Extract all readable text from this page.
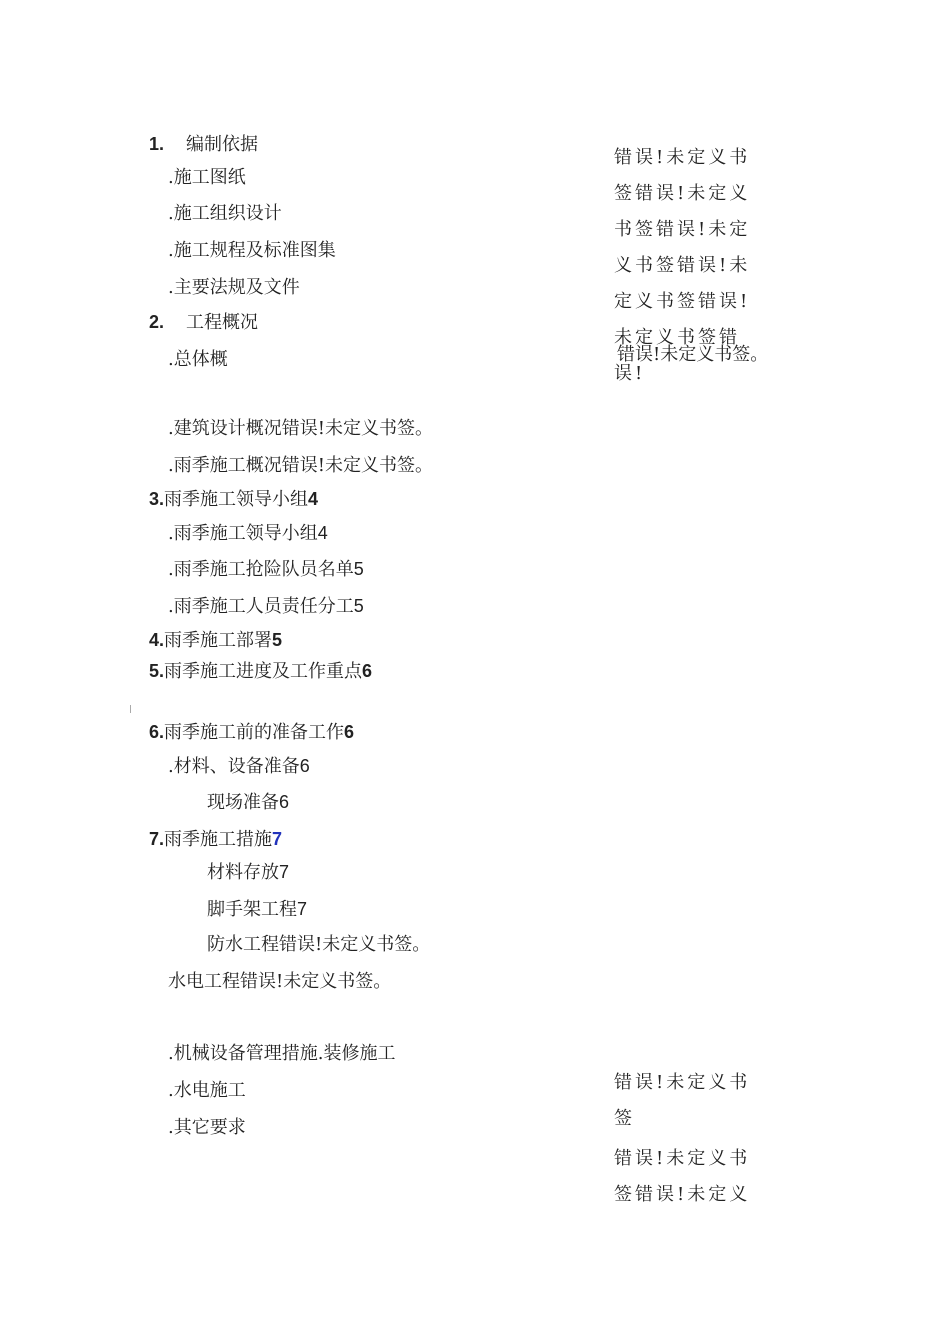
1. 编制依据
.施工图纸
.施工组织设计
.施工规程及标准图集
.主要法规及文件
2. 工程概况
.总体概
.建筑设计概况错误!未定义书签。
.雨季施工概况错误!未定义书签。
3.雨季施工领导小组4
.雨季施工领导小组4
.雨季施工抢险队员名单5
.雨季施工人员责任分工5
4.雨季施工部署5
5.雨季施工进度及工作重点6
6.雨季施工前的准备工作6
.材料、设备准备6
现场准备6
7.雨季施工措施7
材料存放7
脚手架工程7
防水工程错误!未定义书签。
水电工程错误!未定义书签。
.机械设备管理措施.装修施工
.水电施工
.其它要求
错误!未定义书签错误!未定义书签错误!未定义书签错误!未定义书签错误!未定义书签错误!
错误!未定义书签。
错误!未定义书签
错误!未定义书签错误!未定义
